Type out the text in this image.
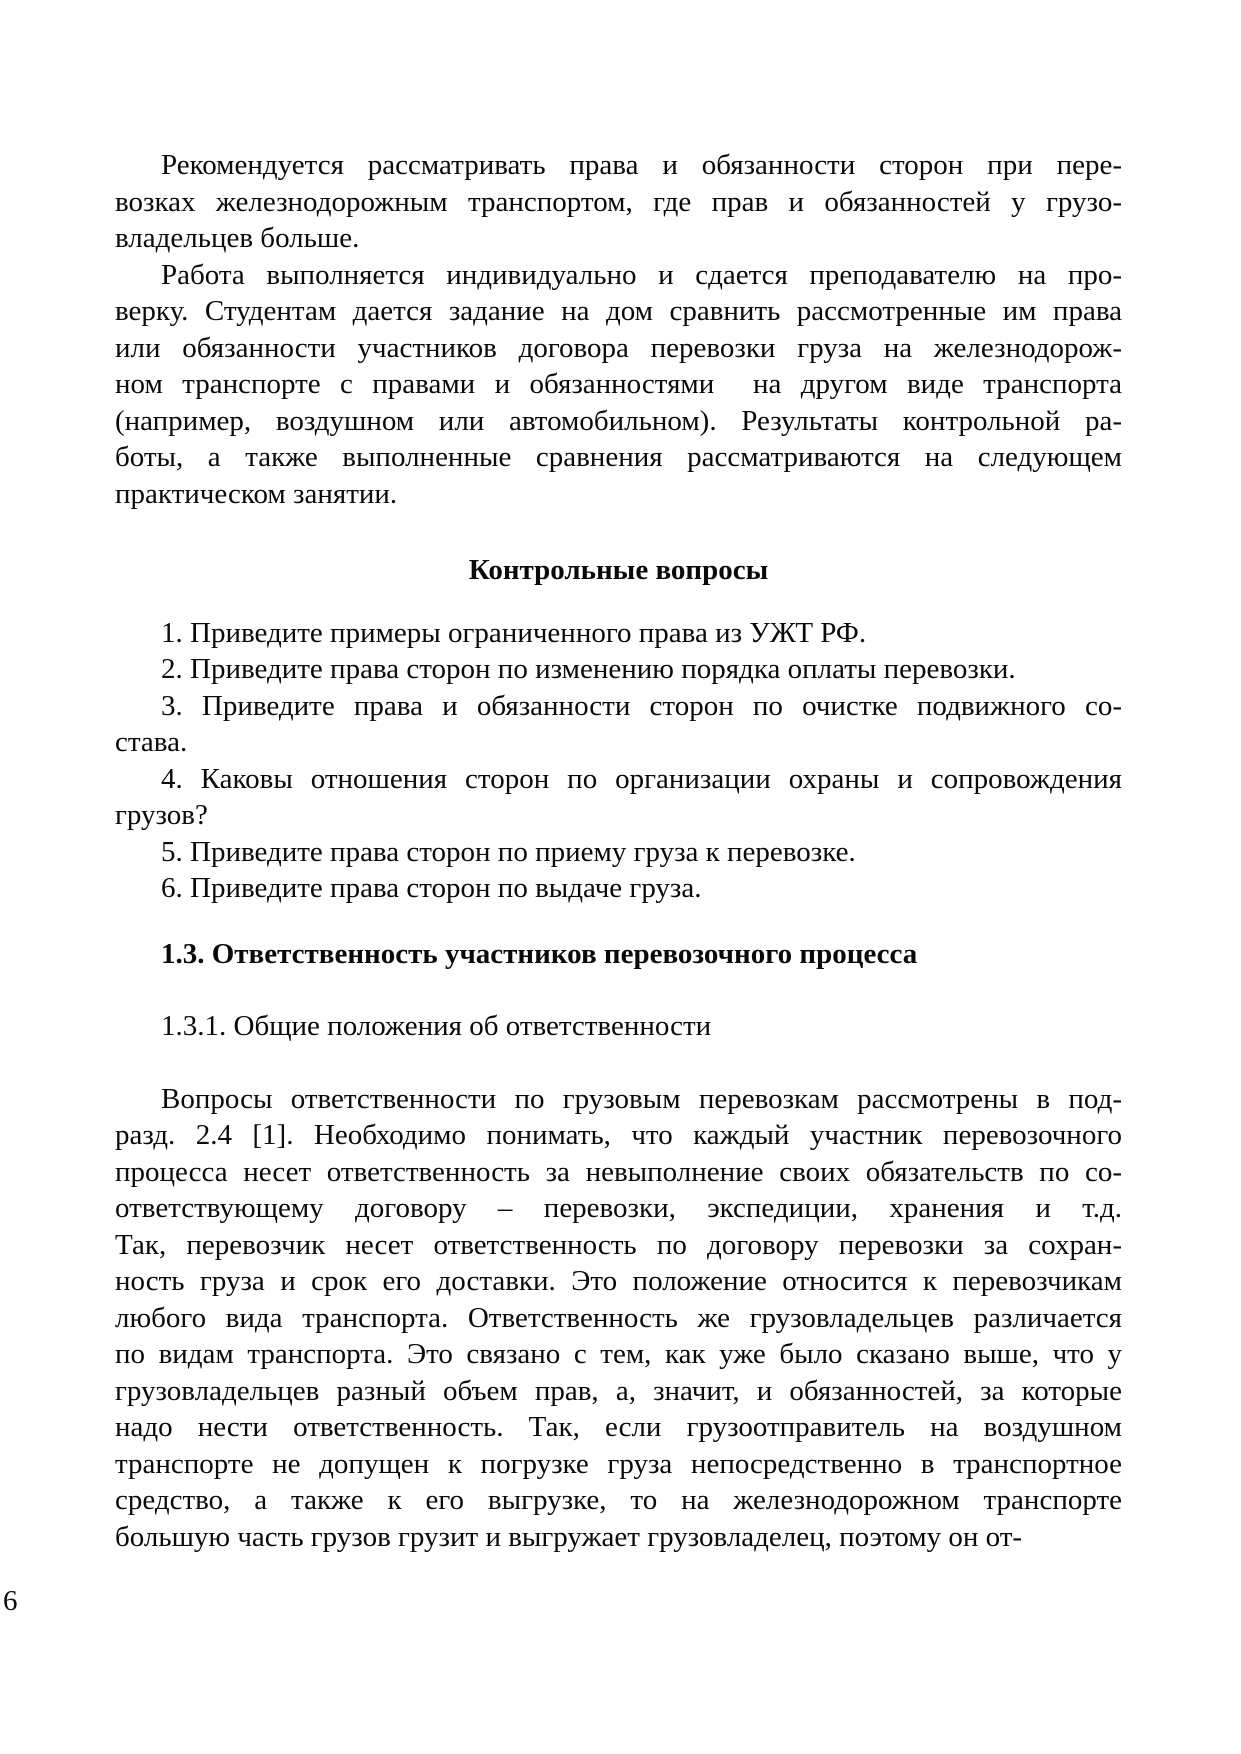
Рекомендуется рассматривать права и обязанности сторон при пере-
возках железнодорожным транспортом, где прав и обязанностей у грузо-
владельцев больше.

Работа выполняется индивидуально и сдается преподавателю на про-
верку. Студентам дается задание на дом сравнить рассмотренные им права
или обязанности участников договора перевозки груза на железнодорож-
ном транспорте с правами и обязанностями  на другом виде транспорта
(например, воздушном или автомобильном). Результаты контрольной ра-
боты, а также выполненные сравнения рассматриваются на следующем
практическом занятии.

Контрольные вопросы

1. Приведите примеры ограниченного права из УЖТ РФ.

2. Приведите права сторон по изменению порядка оплаты перевозки.

3. Приведите права и обязанности сторон по очистке подвижного со-
става.

4. Каковы отношения сторон по организации охраны и сопровождения
грузов?

5. Приведите права сторон по приему груза к перевозке.

6. Приведите права сторон по выдаче груза.

1.3. Ответственность участников перевозочного процесса
1.3.1. Общие положения об ответственности

Вопросы ответственности по грузовым перевозкам рассмотрены в под-
разд. 2.4 [1]. Необходимо понимать, что каждый участник перевозочного
процесса несет ответственность за невыполнение своих обязательств по со-
ответствующему договору – перевозки, экспедиции, хранения и т.д.
Так, перевозчик несет ответственность по договору перевозки за сохран-
ность груза и срок его доставки. Это положение относится к перевозчикам
любого вида транспорта. Ответственность же грузовладельцев различается
по видам транспорта. Это связано с тем, как уже было сказано выше, что у
грузовладельцев разный объем прав, а, значит, и обязанностей, за которые
надо нести ответственность. Так, если грузоотправитель на воздушном
транспорте не допущен к погрузке груза непосредственно в транспортное
средство, а также к его выгрузке, то на железнодорожном транспорте
большую часть грузов грузит и выгружает грузовладелец, поэтому он от-

6
